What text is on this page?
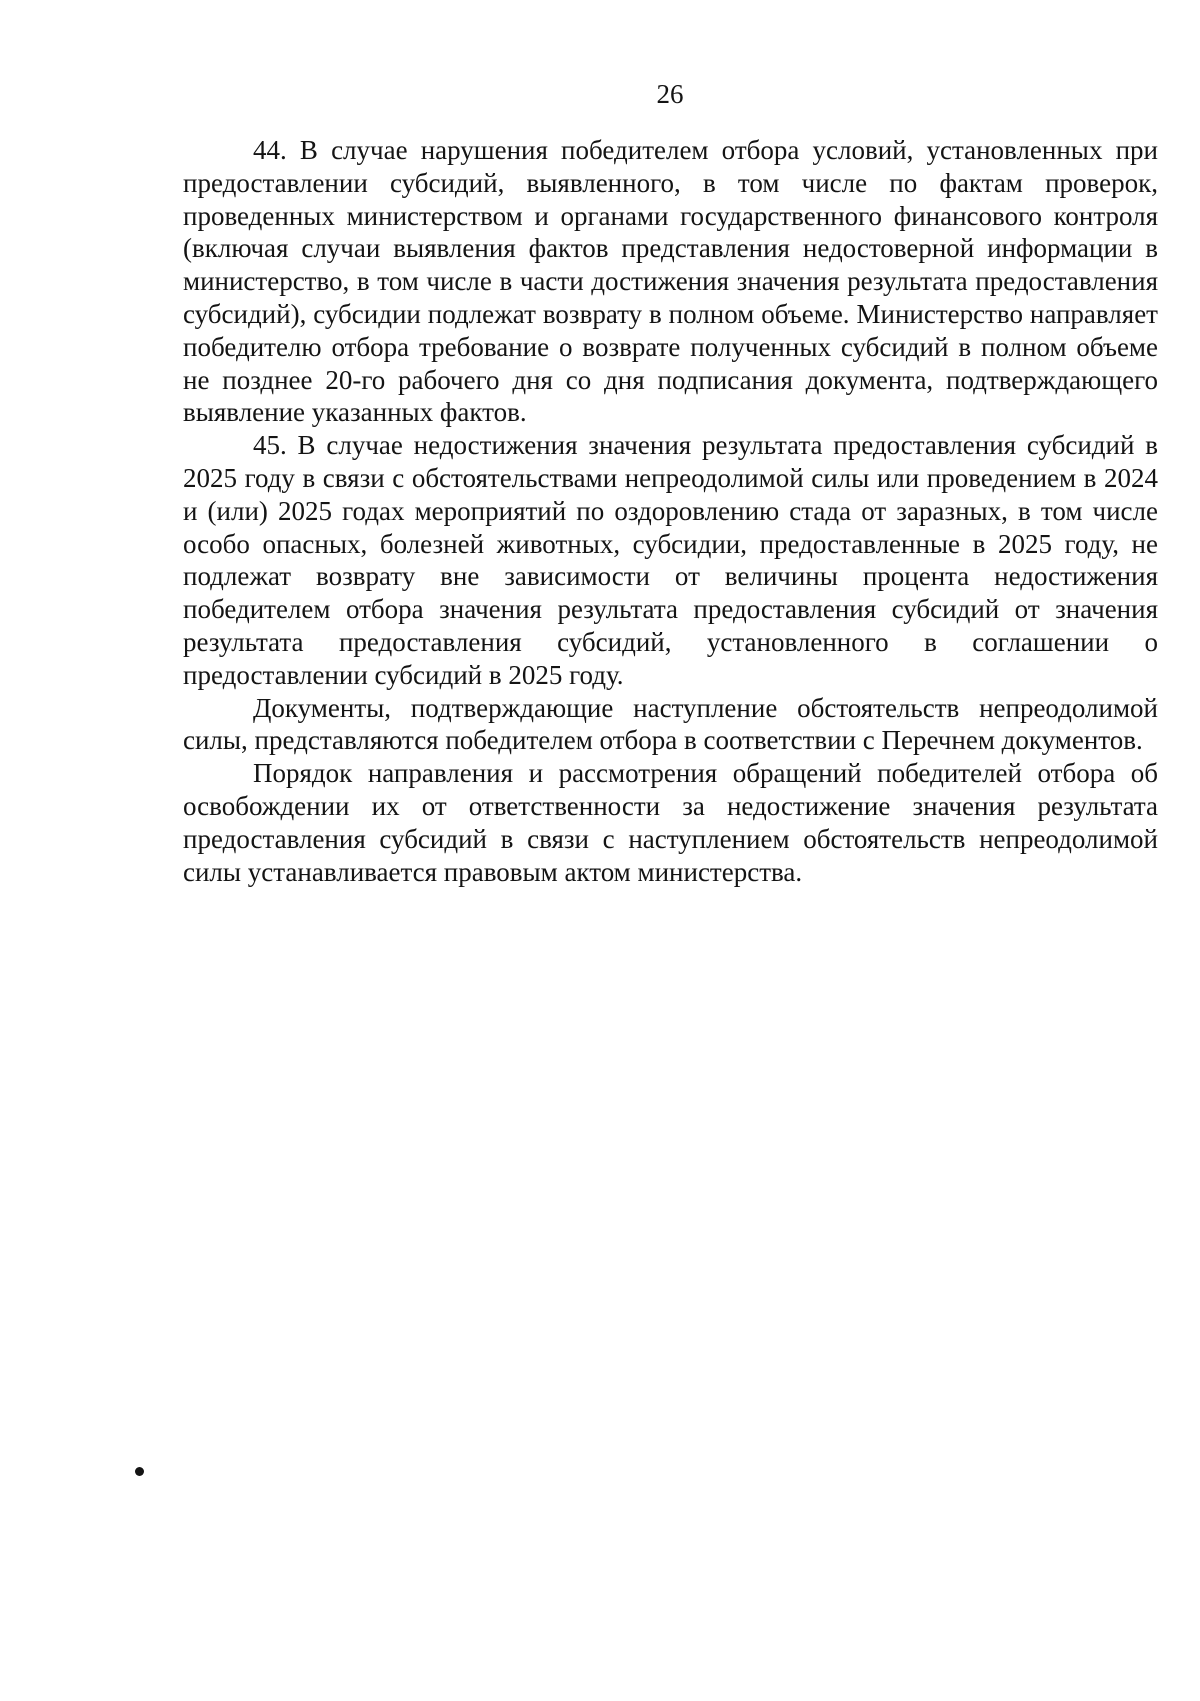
26

44. В случае нарушения победителем отбора условий, установленных при предоставлении субсидий, выявленного, в том числе по фактам проверок, проведенных министерством и органами государственного финансового контроля (включая случаи выявления фактов представления недостоверной информации в министерство, в том числе в части достижения значения результата предоставления субсидий), субсидии подлежат возврату в полном объеме. Министерство направляет победителю отбора требование о возврате полученных субсидий в полном объеме не позднее 20-го рабочего дня со дня подписания документа, подтверждающего выявление указанных фактов.

45. В случае недостижения значения результата предоставления субсидий в 2025 году в связи с обстоятельствами непреодолимой силы или проведением в 2024 и (или) 2025 годах мероприятий по оздоровлению стада от заразных, в том числе особо опасных, болезней животных, субсидии, предоставленные в 2025 году, не подлежат возврату вне зависимости от величины процента недостижения победителем отбора значения результата предоставления субсидий от значения результата предоставления субсидий, установленного в соглашении о предоставлении субсидий в 2025 году.

Документы, подтверждающие наступление обстоятельств непреодолимой силы, представляются победителем отбора в соответствии с Перечнем документов.

Порядок направления и рассмотрения обращений победителей отбора об освобождении их от ответственности за недостижение значения результата предоставления субсидий в связи с наступлением обстоятельств непреодолимой силы устанавливается правовым актом министерства.
